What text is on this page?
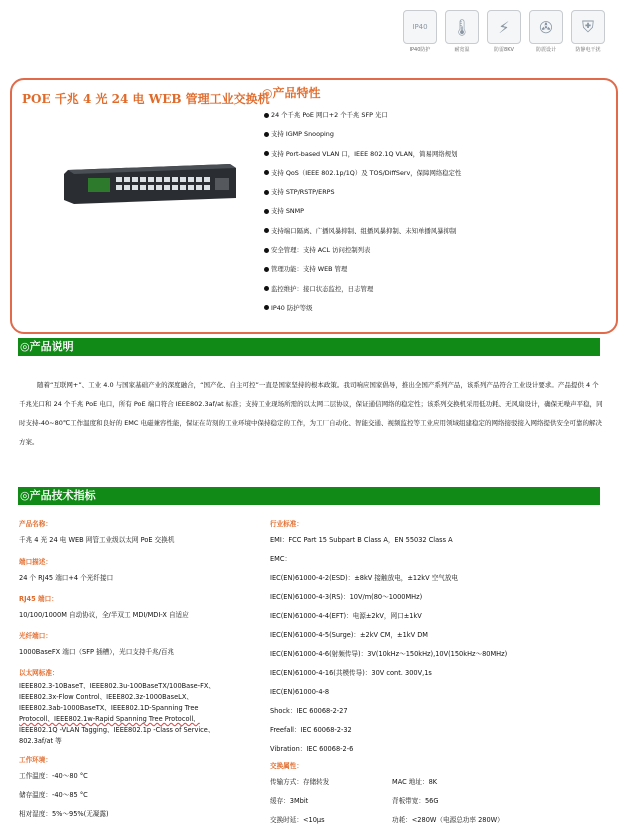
IP40
IP40防护
🌡
耐宽温
⚡
防雷8KV
✇
防震设计
⛨
防静电干扰
POE 千兆 4 光 24 电 WEB 管理工业交换机
◎产品特性
24 个千兆 PoE 网口+2 个千兆 SFP 光口
支持 IGMP Snooping
支持 Port-based VLAN 口，IEEE 802.1Q VLAN，简易网络规划
支持 QoS（IEEE 802.1p/1Q）及 TOS/DiffServ，保障网络稳定性
支持 STP/RSTP/ERPS
支持 SNMP
支持端口隔离、广播风暴抑制、组播风暴抑制、未知单播风暴抑制
安全管理：支持 ACL 访问控制列表
管理功能：支持 WEB 管理
监控维护：接口状态监控，日志管理
IP40 防护等级
◎产品说明
随着“互联网+”、工业 4.0 与国家基础产业的深度融合，“国产化、自主可控”一直是国家坚持的根本政策。我司响应国家倡导，推出全国产系列产品，该系列产品符合工业设计要求。产品提供 4 个千兆光口和 24 个千兆 PoE 电口，所有 PoE 端口符合 IEEE802.3af/at 标准；支持工业现场所需的以太网二层协议，保证通信网络的稳定性；该系列交换机采用低功耗、无风扇设计，确保无噪声平稳，同时支持-40~80℃工作温度和良好的 EMC 电磁兼容性能，保证在苛刻的工业环境中保持稳定的工作，为工厂自动化、智能交通、视频监控等工业应用领域组建稳定的网络接驳接入网络提供安全可靠的解决方案。
◎产品技术指标
产品名称：
千兆 4 光 24 电 WEB 网管工业级以太网 PoE 交换机
端口描述：
24 个 RJ45 端口+4 个光纤接口
RJ45 端口：
10/100/1000M 自动协议，全/半双工 MDI/MDI-X 自适应
光纤端口：
1000BaseFX 端口（SFP 插槽），光口支持千兆/百兆
以太网标准：
IEEE802.3-10BaseT、IEEE802.3u-100BaseTX/100Base-FX、
IEEE802.3x-Flow Control、IEEE802.3z-1000BaseLX、
IEEE802.3ab-1000BaseTX、IEEE802.1D-Spanning Tree
Protocoll、IEEE802.1w-Rapid Spanning Tree Protocoll、
IEEE802.1Q -VLAN Tagging、IEEE802.1p -Class of Service、
802.3af/at 等
工作环境：
工作温度：-40～80 °C
储存温度：-40～85 °C
相对湿度：5%～95%(无凝露)
行业标准：
EMI：FCC Part 15 Subpart B Class A，EN 55032 Class A
EMC：
IEC(EN)61000-4-2(ESD)：±8kV 接触放电，±12kV 空气放电
IEC(EN)61000-4-3(RS)：10V/m(80～1000MHz)
IEC(EN)61000-4-4(EFT)：电源±2kV，网口±1kV
IEC(EN)61000-4-5(Surge)：±2kV CM，±1kV DM
IEC(EN)61000-4-6(射频传导)：3V(10kHz～150kHz),10V(150kHz～80MHz)
IEC(EN)61000-4-16(共模传导)：30V cont. 300V,1s
IEC(EN)61000-4-8
Shock：IEC 60068-2-27
Freefall：IEC 60068-2-32
Vibration：IEC 60068-2-6
交换属性：
传输方式：存储转发	MAC 地址：8K
缓存：3Mbit	背板带宽：56G
交换时延：<10μs	功耗：<280W（电源总功率 280W）
